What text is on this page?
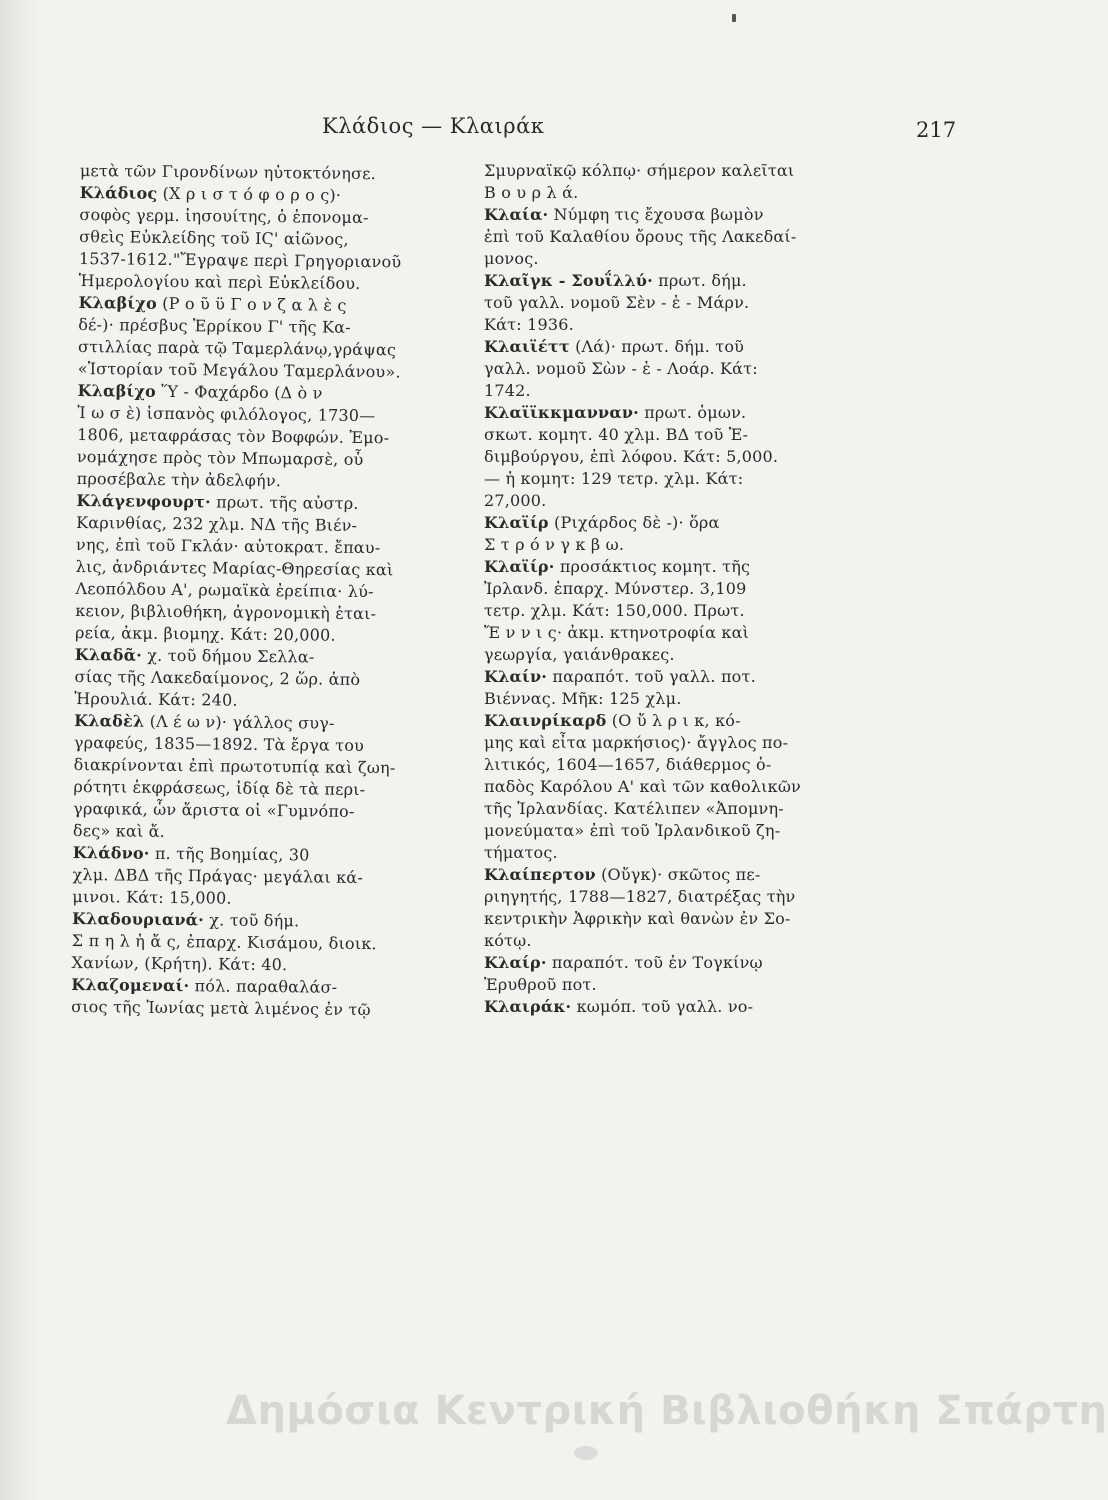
Κλάδιος — Κλαιράκ	217
μετὰ τῶν Γιρονδίνων ηὐτοκτόνησε.
Κλάδιος (Χ ρ ι σ τ ό φ ο ρ ο ς)·
σοφὸς γερμ. ἰησουίτης, ὁ ἐπονομα-
σθεὶς Εὐκλείδης τοῦ ΙϚ' αἰῶνος,
1537-1612."Ἔγραψε περὶ Γρηγοριανοῦ
Ἡμερολογίου καὶ περὶ Εὐκλείδου.
Κλαβίχο (Ρ ο ῦ ϋ Γ ο ν ζ α λ ὲ ς
δέ-)· πρέσβυς Ἑρρίκου Γ' τῆς Κα-
στιλλίας παρὰ τῷ Ταμερλάνῳ,γράψας
«Ἱστορίαν τοῦ Μεγάλου Ταμερλάνου».
Κλαβίχο Ὕ - Φαχάρδο (Δ ὸ ν
Ἰ ω σ ὲ) ἱσπανὸς φιλόλογος, 1730—
1806, μεταφράσας τὸν Βοφφών. Ἐμο-
νομάχησε πρὸς τὸν Μπωμαρσὲ, οὗ
προσέβαλε τὴν ἀδελφήν.
Κλάγενφουρτ· πρωτ. τῆς αὐστρ.
Καρινθίας, 232 χλμ. ΝΔ τῆς Βιέν-
νης, ἐπὶ τοῦ Γκλάν· αὐτοκρατ. ἔπαυ-
λις, ἀνδριάντες Μαρίας-Θηρεσίας καὶ
Λεοπόλδου Α', ρωμαϊκὰ ἐρείπια· λύ-
κειον, βιβλιοθήκη, ἀγρονομικὴ ἑται-
ρεία, ἀκμ. βιομηχ. Κάτ: 20,000.
Κλαδᾶ· χ. τοῦ δήμου Σελλα-
σίας τῆς Λακεδαίμονος, 2 ὥρ. ἀπὸ
Ἡρουλιά. Κάτ: 240.
Κλαδὲλ (Λ έ ω ν)· γάλλος συγ-
γραφεύς, 1835—1892. Τὰ ἔργα του
διακρίνονται ἐπὶ πρωτοτυπίᾳ καὶ ζωη-
ρότητι ἐκφράσεως, ἰδίᾳ δὲ τὰ περι-
γραφικά, ὧν ἄριστα οἱ «Γυμνόπο-
δες» καὶ ἄ.
Κλάδνο· π. τῆς Βοημίας, 30
χλμ. ΔΒΔ τῆς Πράγας· μεγάλαι κά-
μινοι. Κάτ: 15,000.
Κλαδουριανά· χ. τοῦ δήμ.
Σ π η λ ἡ ἄ ς, ἐπαρχ. Κισάμου, διοικ.
Χανίων, (Κρήτη). Κάτ: 40.
Κλαζομεναί· πόλ. παραθαλάσ-
σιος τῆς Ἰωνίας μετὰ λιμένος ἐν τῷ
Σμυρναϊκῷ κόλπῳ· σήμερον καλεῖται
Β ο υ ρ λ ά.
Κλαία· Νύμφη τις ἔχουσα βωμὸν
ἐπὶ τοῦ Καλαθίου ὄρους τῆς Λακεδαί-
μονος.
Κλαῖγκ - Σουΐλλύ· πρωτ. δήμ.
τοῦ γαλλ. νομοῦ Σὲν - ἑ - Μάρν.
Κάτ: 1936.
Κλαιϊέττ (Λά)· πρωτ. δήμ. τοῦ
γαλλ. νομοῦ Σὼν - ἑ - Λοάρ. Κάτ:
1742.
Κλαϊϊκκμανναν· πρωτ. ὁμων.
σκωτ. κομητ. 40 χλμ. ΒΔ τοῦ Ἐ-
διμβούργου, ἐπὶ λόφου. Κάτ: 5,000.
— ἡ κομητ: 129 τετρ. χλμ. Κάτ:
27,000.
Κλαϊίρ (Ριχάρδος δὲ -)· ὅρα
Σ τ ρ ό ν γ κ β ω.
Κλαϊίρ· προσάκτιος κομητ. τῆς
Ἰρλανδ. ἐπαρχ. Μύνστερ. 3,109
τετρ. χλμ. Κάτ: 150,000. Πρωτ.
Ἔ ν ν ι ς· ἀκμ. κτηνοτροφία καὶ
γεωργία, γαιάνθρακες.
Κλαίν· παραπότ. τοῦ γαλλ. ποτ.
Βιέννας. Μῆκ: 125 χλμ.
Κλαινρίκαρδ (Ο ὔ λ ρ ι κ, κό-
μης καὶ εἶτα μαρκήσιος)· ἄγγλος πο-
λιτικός, 1604—1657, διάθερμος ὀ-
παδὸς Καρόλου Α' καὶ τῶν καθολικῶν
τῆς Ἰρλανδίας. Κατέλιπεν «Ἀπομνη-
μονεύματα» ἐπὶ τοῦ Ἰρλανδικοῦ ζη-
τήματος.
Κλαίπερτον (Οὔγκ)· σκῶτος πε-
ριηγητής, 1788—1827, διατρέξας τὴν
κεντρικὴν Ἀφρικὴν καὶ θανὼν ἐν Σο-
κότῳ.
Κλαίρ· παραπότ. τοῦ ἐν Τογκίνῳ
Ἐρυθροῦ ποτ.
Κλαιράκ· κωμόπ. τοῦ γαλλ. νο-
Δημόσια Κεντρική Βιβλιοθήκη Σπάρτη
